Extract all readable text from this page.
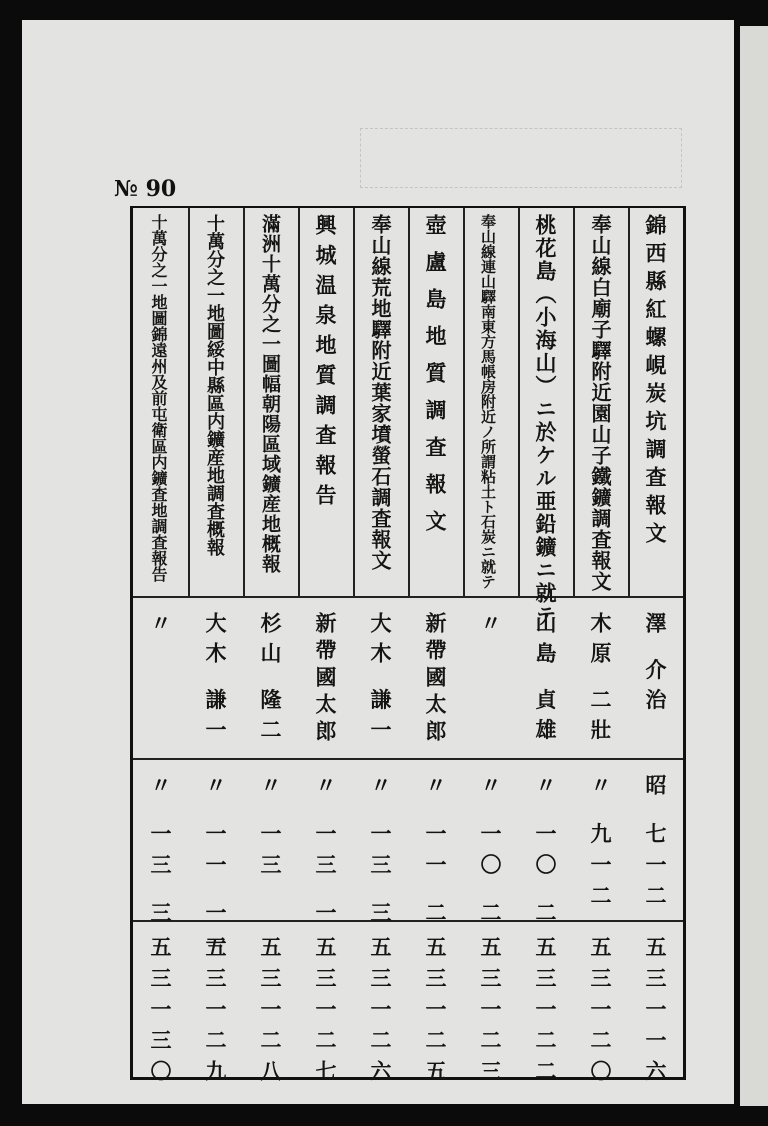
№ 90
錦西縣紅螺峴炭坑調査報文
澤 介治
昭 七一二
五三一一六
奉山線白廟子驛附近園山子鐵鑛調査報文
木原 二壯
〃 九一二
五三一二〇
桃花島（小海山）ニ於ケル亜鉛鑛ニ就テ
山島 貞雄
〃 一〇 二
五三一二二
奉山線連山驛南東方馬帳房附近ノ所謂粘土ト石炭ニ就テ
〃
〃 一〇 二
五三一二三
壺盧島地質調査報文
新帶國太郎
〃 一一 二
五三一二五
奉山線荒地驛附近葉家墳螢石調査報文
大木 謙一
〃 一三 三
五三一二六
興城温泉地質調査報告
新帶國太郎
〃 一三 一
五三一二七
滿洲十萬分之一圖幅朝陽區域鑛産地概報
杉山 隆二
〃 一三
五三一二八
十萬分之一地圖綏中縣區内鑛産地調査概報
大木 謙一
〃 一一 一一
五三一二九
十萬分之一地圖錦遠州及前屯衛區内鑛査地調査報告
〃
〃 一三 三
五三一三〇
